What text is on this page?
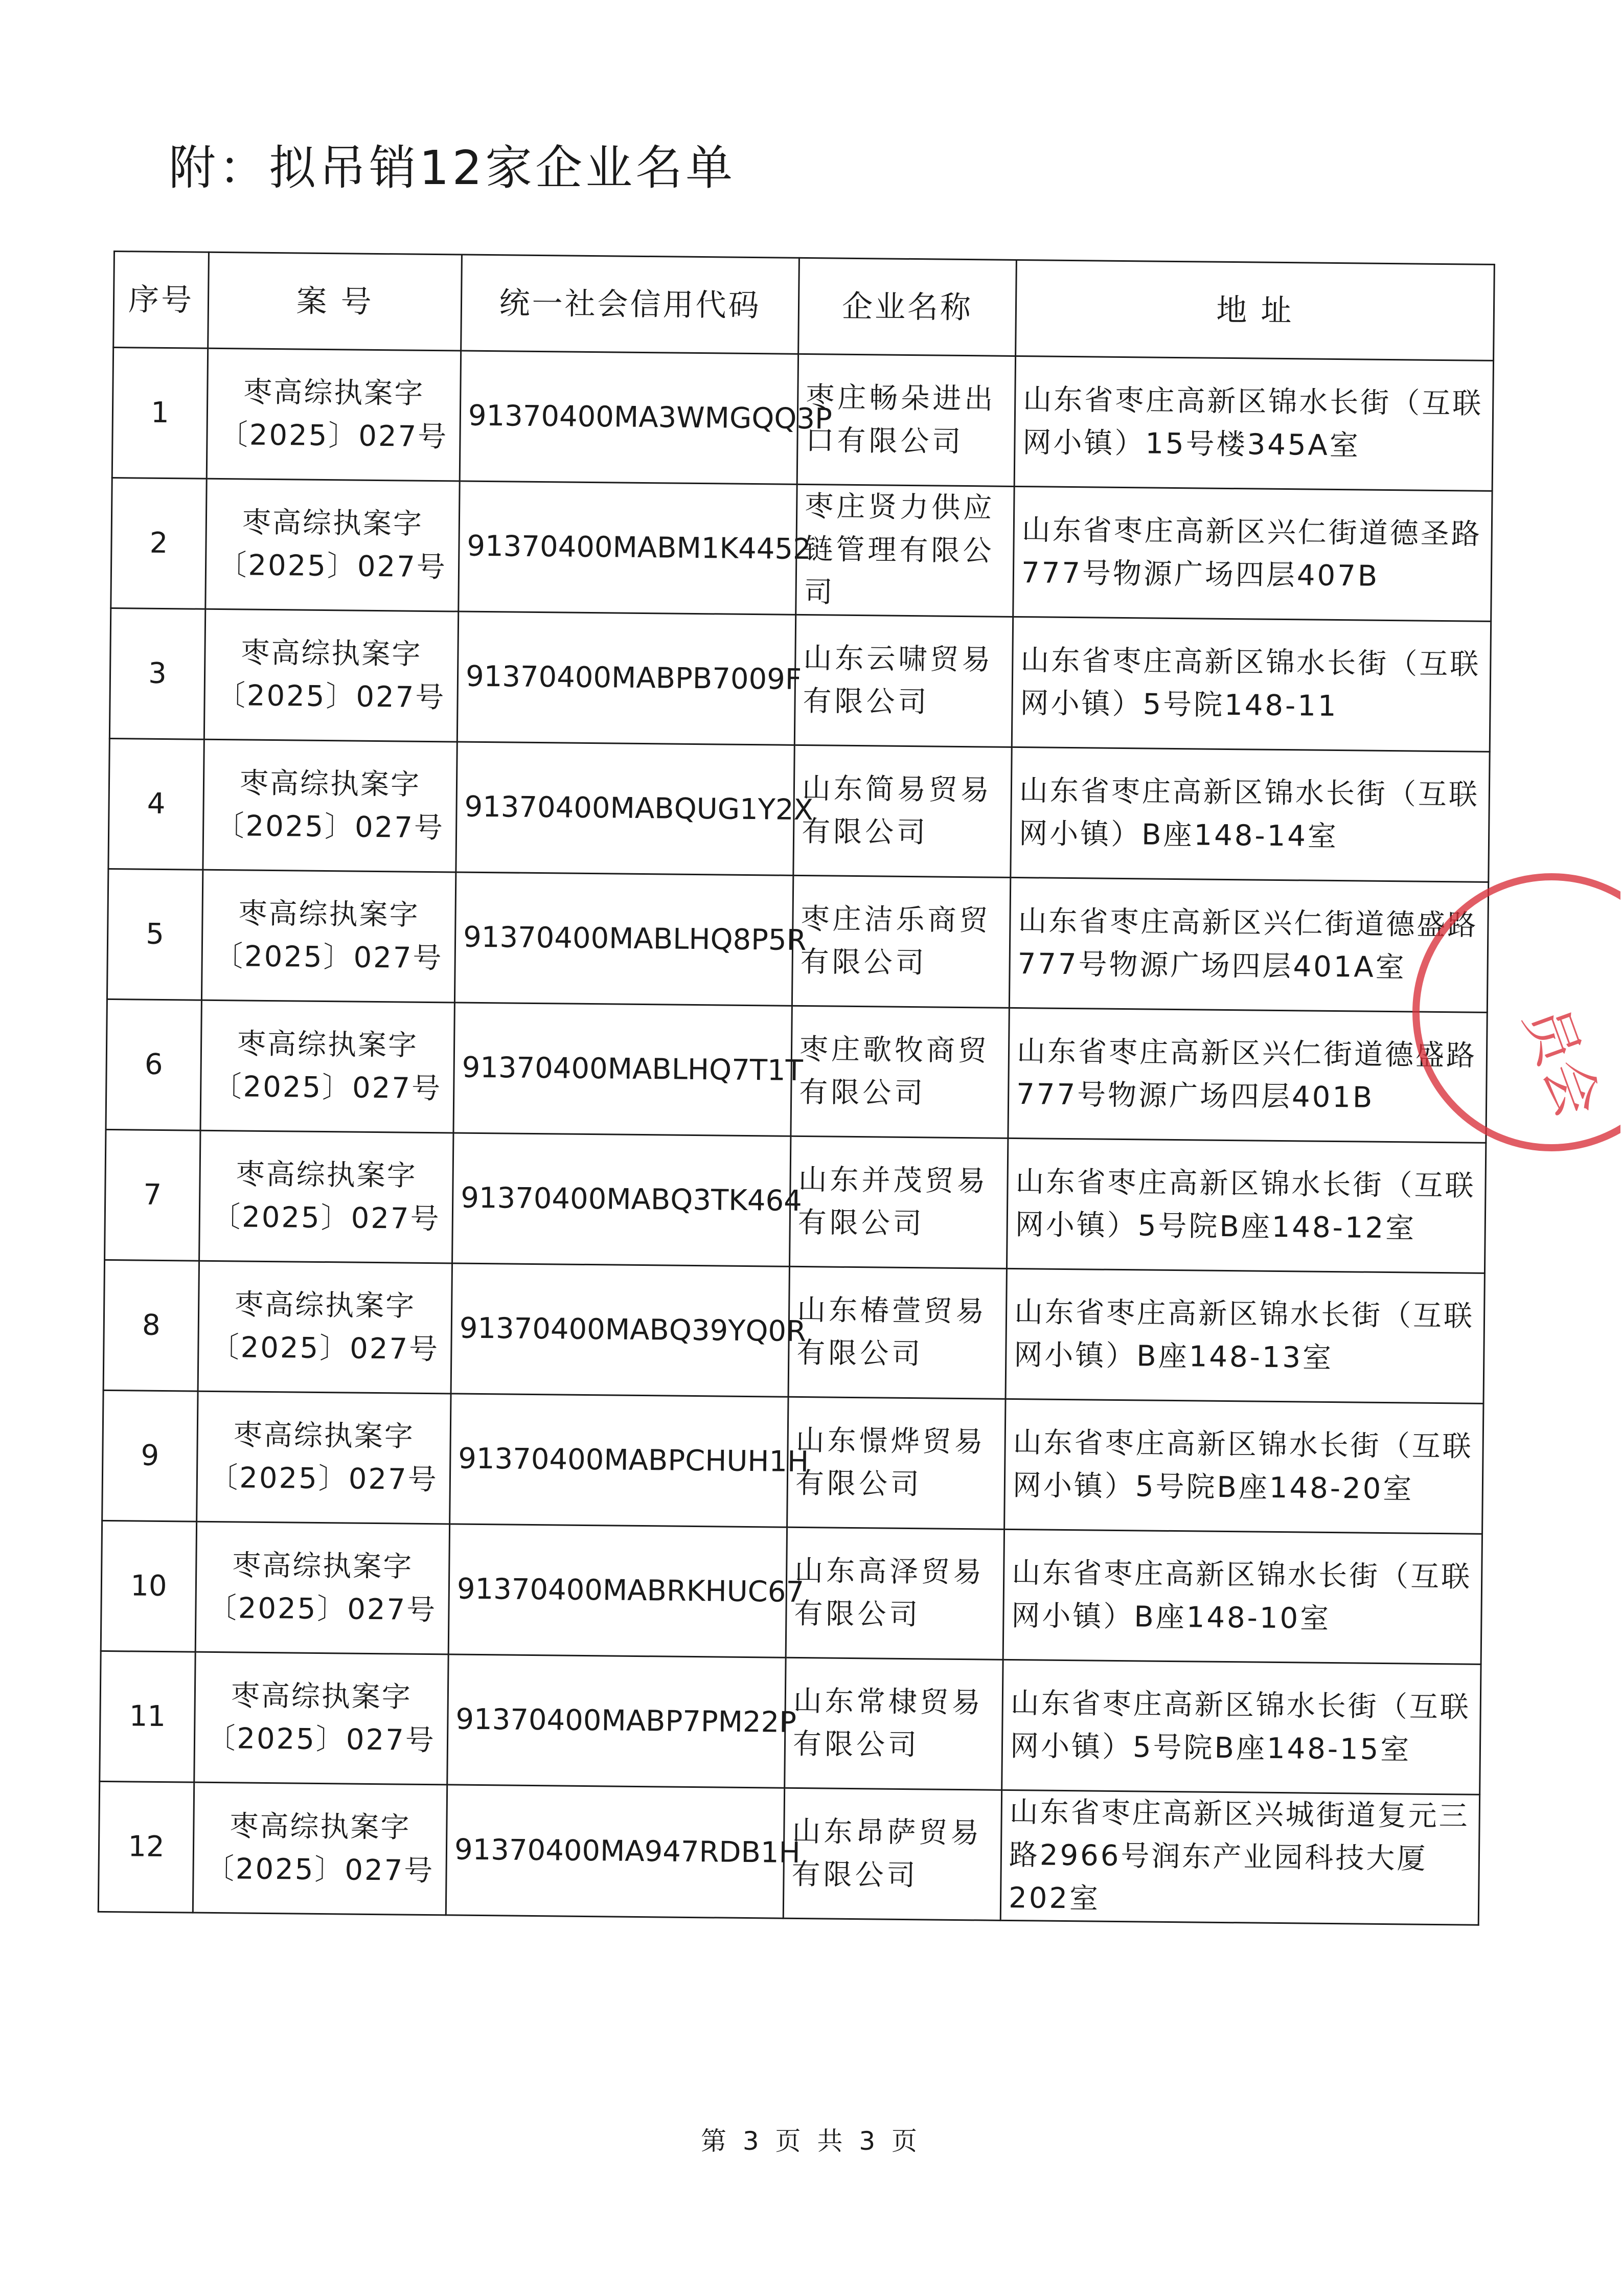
附：拟吊销12家企业名单
序号	案 号	统一社会信用代码	企业名称	地 址
1	枣高综执案字〔2025〕027号	91370400MA3WMGQQ3P	枣庄畅朵进出口有限公司	山东省枣庄高新区锦水长街（互联网小镇）15号楼345A室
2	枣高综执案字〔2025〕027号	91370400MABM1K4452	枣庄贤力供应链管理有限公司	山东省枣庄高新区兴仁街道德圣路777号物源广场四层407B
3	枣高综执案字〔2025〕027号	91370400MABPB7009F	山东云啸贸易有限公司	山东省枣庄高新区锦水长街（互联网小镇）5号院148-11
4	枣高综执案字〔2025〕027号	91370400MABQUG1Y2X	山东简易贸易有限公司	山东省枣庄高新区锦水长街（互联网小镇）B座148-14室
5	枣高综执案字〔2025〕027号	91370400MABLHQ8P5R	枣庄洁乐商贸有限公司	山东省枣庄高新区兴仁街道德盛路777号物源广场四层401A室
6	枣高综执案字〔2025〕027号	91370400MABLHQ7T1T	枣庄歌牧商贸有限公司	山东省枣庄高新区兴仁街道德盛路777号物源广场四层401B
7	枣高综执案字〔2025〕027号	91370400MABQ3TK464	山东并茂贸易有限公司	山东省枣庄高新区锦水长街（互联网小镇）5号院B座148-12室
8	枣高综执案字〔2025〕027号	91370400MABQ39YQ0R	山东椿萱贸易有限公司	山东省枣庄高新区锦水长街（互联网小镇）B座148-13室
9	枣高综执案字〔2025〕027号	91370400MABPCHUH1H	山东憬烨贸易有限公司	山东省枣庄高新区锦水长街（互联网小镇）5号院B座148-20室
10	枣高综执案字〔2025〕027号	91370400MABRKHUC67	山东高泽贸易有限公司	山东省枣庄高新区锦水长街（互联网小镇）B座148-10室
11	枣高综执案字〔2025〕027号	91370400MABP7PM22P	山东常棣贸易有限公司	山东省枣庄高新区锦水长街（互联网小镇）5号院B座148-15室
12	枣高综执案字〔2025〕027号	91370400MA947RDB1H	山东昂萨贸易有限公司	山东省枣庄高新区兴城街道复元三路2966号润东产业园科技大厦202室
员会
第 3 页 共 3 页
